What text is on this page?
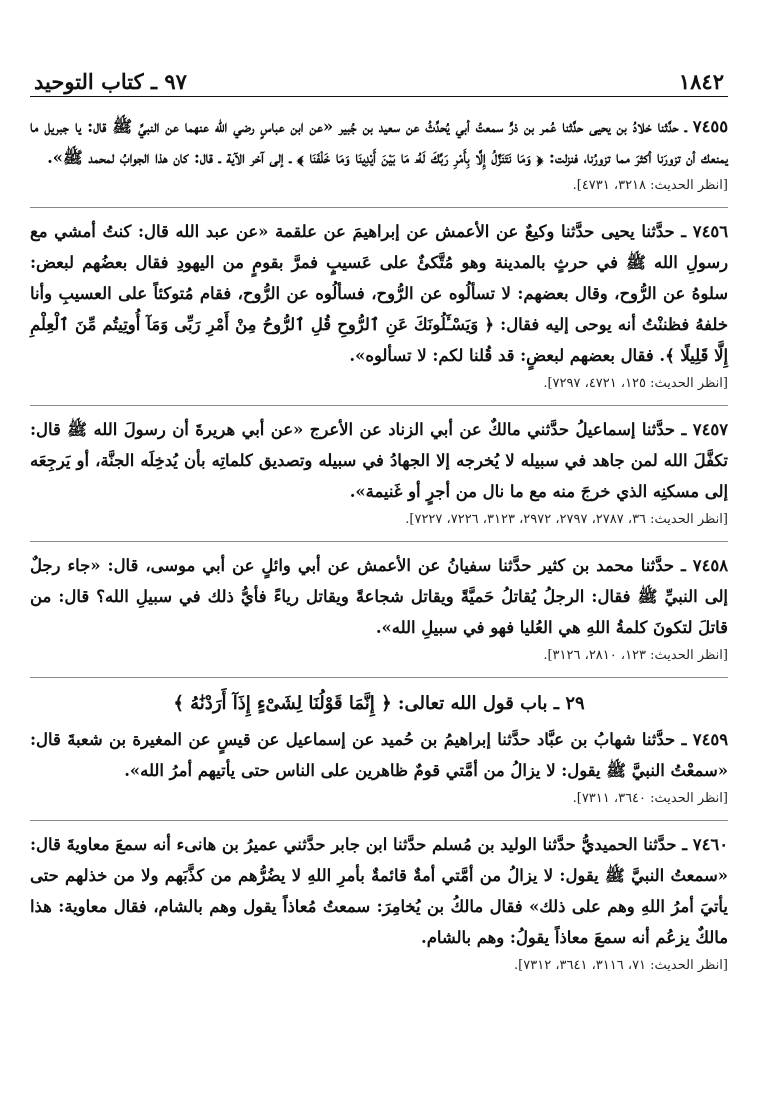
١٨٤٢
٩٧ ـ كتاب التوحيد

٧٤٥٥ ـ حدَّثنا خلادُ بن يحيى حدَّثنا عُمر بن ذرٍّ سمعتُ أبي يُحدِّثُ عن سعيد بن جُبير «عن ابن عباسٍ رضي الله عنهما عن النبيِّ ﷺ قال: يا جبريل ما يمنعك أن تزورَنا أكثرَ مما تزورُنا، فنزلت: ﴿ وَمَا نَتَنَزَّلُ إِلَّا بِأَمْرِ رَبِّكَ لَهُۥ مَا بَيْنَ أَيْدِينَا وَمَا خَلْفَنَا ﴾ ـ إلى آخر الآية ـ قال: كان هذا الجوابُ لمحمد ﷺ».

[انظر الحديث: ٣٢١٨، ٤٧٣١].

٧٤٥٦ ـ حدَّثنا يحيى حدَّثنا وكيعٌ عن الأعمش عن إبراهيمَ عن علقمة «عن عبد الله قال: كنتُ أمشي مع رسولِ الله ﷺ في حرثٍ بالمدينة وهو مُتَّكئٌ على عَسيبٍ فمرَّ بقومٍ من اليهودِ فقال بعضُهم لبعض: سلوهُ عن الرُّوح، وقال بعضهم: لا تسألُوه عن الرُّوح، فسألُوه عن الرُّوح، فقام مُتوكئاً على العسيبِ وأنا خلفهُ فظننْتُ أنه يوحى إليه فقال: ﴿ وَيَسْـَٔلُونَكَ عَنِ ٱلرُّوحِ قُلِ ٱلرُّوحُ مِنْ أَمْرِ رَبِّى وَمَآ أُوتِيتُم مِّنَ ٱلْعِلْمِ إِلَّا قَلِيلًا ﴾. فقال بعضهم لبعضٍ: قد قُلنا لكم: لا تسألوه».

[انظر الحديث: ١٢٥، ٤٧٢١، ٧٢٩٧].

٧٤٥٧ ـ حدَّثنا إسماعيلُ حدَّثني مالكٌ عن أبي الزناد عن الأعرج «عن أبي هريرةَ أن رسولَ الله ﷺ قال: تكفَّلَ الله لمن جاهد في سبيله لا يُخرجه إلا الجهادُ في سبيله وتصديق كلماتِه بأن يُدخِلَه الجنَّة، أو يَرجِعَه إلى مسكنِه الذي خرجَ منه مع ما نال من أجرٍ أو غَنيمة».

[انظر الحديث: ٣٦، ٢٧٨٧، ٢٧٩٧، ٢٩٧٢، ٣١٢٣، ٧٢٢٦، ٧٢٢٧].

٧٤٥٨ ـ حدَّثنا محمد بن كثير حدَّثنا سفيانُ عن الأعمش عن أبي وائلٍ عن أبي موسى، قال: «جاء رجلٌ إلى النبيِّ ﷺ فقال: الرجلُ يُقاتلُ حَميَّةً ويقاتل شجاعةً ويقاتل رياءً فأيُّ ذلك في سبيلِ الله؟ قال: من قاتلَ لتكونَ كلمةُ اللهِ هي العُليا فهو في سبيلِ الله».

[انظر الحديث: ١٢٣، ٢٨١٠، ٣١٢٦].

٢٩ ـ باب قول الله تعالى: ﴿ إِنَّمَا قَوْلُنَا لِشَىْءٍ إِذَآ أَرَدْنَٰهُ ﴾

٧٤٥٩ ـ حدَّثنا شهابُ بن عبَّاد حدَّثنا إبراهيمُ بن حُميد عن إسماعيل عن قيسٍ عن المغيرة بن شعبةَ قال: «سمعْتُ النبيَّ ﷺ يقول: لا يزالُ من أمَّتي قومٌ ظاهرين على الناس حتى يأتيهم أمرُ الله».

[انظر الحديث: ٣٦٤٠، ٧٣١١].

٧٤٦٠ ـ حدَّثنا الحميديُّ حدَّثنا الوليد بن مُسلم حدَّثنا ابن جابر حدَّثني عميرُ بن هانىء أنه سمعَ معاويةَ قال: «سمعتُ النبيَّ ﷺ يقول: لا يزالُ من أمَّتي أمةٌ قائمةٌ بأمرِ اللهِ لا يضُرُّهم من كذَّبَهم ولا من خذلهم حتى يأتيَ أمرُ اللهِ وهم على ذلك» فقال مالكُ بن يُخامِرَ: سمعتُ مُعاذاً يقول وهم بالشام، فقال معاوية: هذا مالكٌ يزعُم أنه سمعَ معاذاً يقولُ: وهم بالشام.

[انظر الحديث: ٧١، ٣١١٦، ٣٦٤١، ٧٣١٢].
